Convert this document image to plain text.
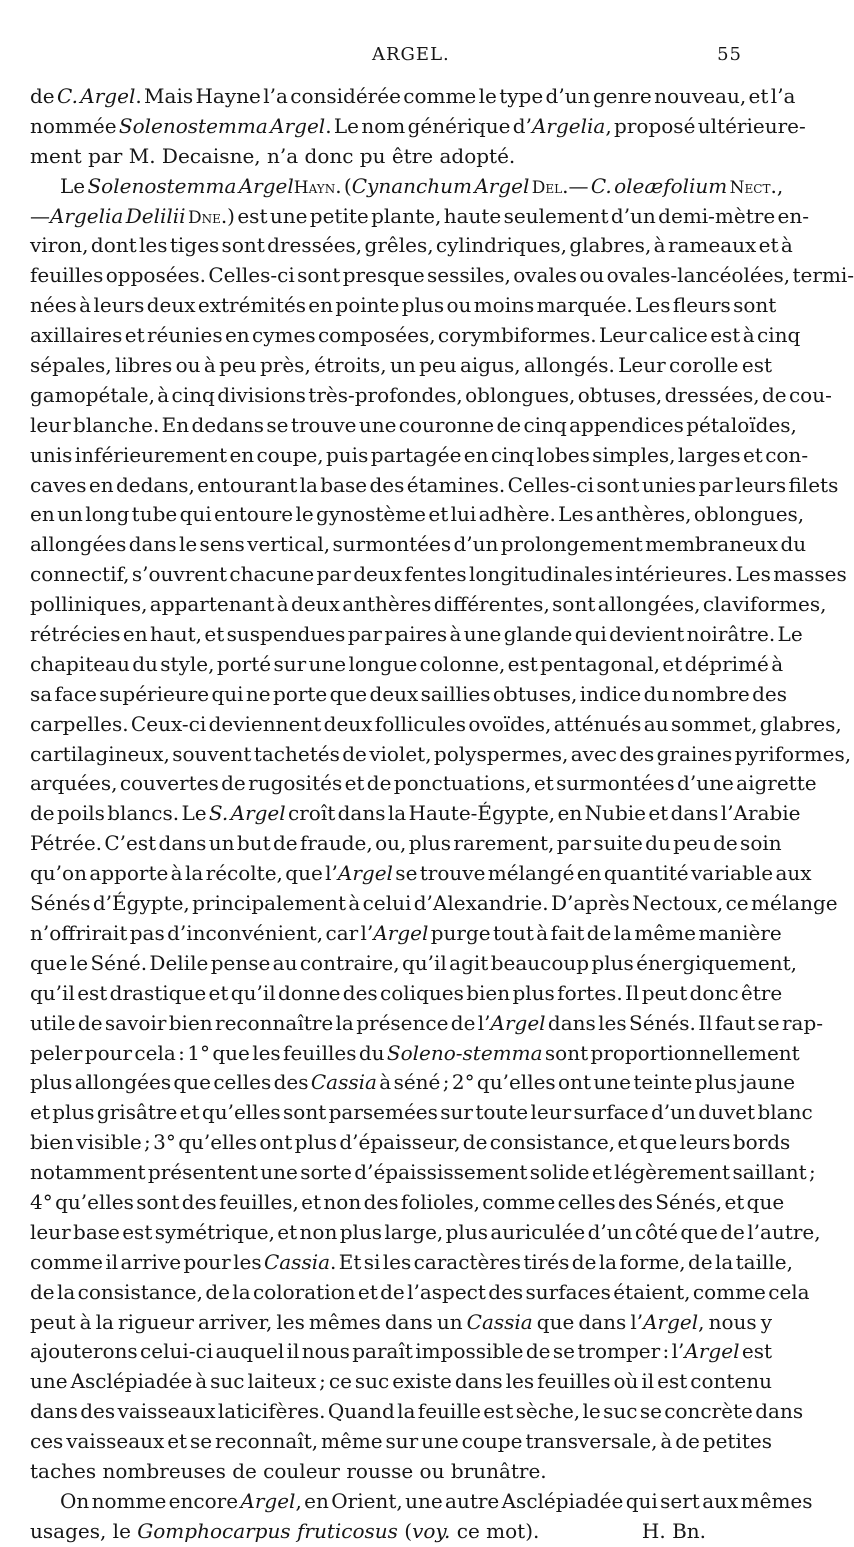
ARGEL.	55
de C. Argel. Mais Hayne l’a considérée comme le type d’un genre nouveau, et l’a
nommée Solenostemma Argel. Le nom générique d’Argelia, proposé ultérieure-
ment par M. Decaisne, n’a donc pu être adopté.
Le Solenostemma ArgelHayn. (Cynanchum Argel Del.— C. oleæfolium Nect.,
—Argelia Delilii Dne.) est une petite plante, haute seulement d’un demi-mètre en-
viron, dont les tiges sont dressées, grêles, cylindriques, glabres, à rameaux et à
feuilles opposées. Celles-ci sont presque sessiles, ovales ou ovales-lancéolées, termi-
nées à leurs deux extrémités en pointe plus ou moins marquée. Les fleurs sont
axillaires et réunies en cymes composées, corymbiformes. Leur calice est à cinq
sépales, libres ou à peu près, étroits, un peu aigus, allongés. Leur corolle est
gamopétale, à cinq divisions très-profondes, oblongues, obtuses, dressées, de cou-
leur blanche. En dedans se trouve une couronne de cinq appendices pétaloïdes,
unis inférieurement en coupe, puis partagée en cinq lobes simples, larges et con-
caves en dedans, entourant la base des étamines. Celles-ci sont unies par leurs filets
en un long tube qui entoure le gynostème et lui adhère. Les anthères, oblongues,
allongées dans le sens vertical, surmontées d’un prolongement membraneux du
connectif, s’ouvrent chacune par deux fentes longitudinales intérieures. Les masses
polliniques, appartenant à deux anthères différentes, sont allongées, claviformes,
rétrécies en haut, et suspendues par paires à une glande qui devient noirâtre. Le
chapiteau du style, porté sur une longue colonne, est pentagonal, et déprimé à
sa face supérieure qui ne porte que deux saillies obtuses, indice du nombre des
carpelles. Ceux-ci deviennent deux follicules ovoïdes, atténués au sommet, glabres,
cartilagineux, souvent tachetés de violet, polyspermes, avec des graines pyriformes,
arquées, couvertes de rugosités et de ponctuations, et surmontées d’une aigrette
de poils blancs. Le S. Argel croît dans la Haute-Égypte, en Nubie et dans l’Arabie
Pétrée. C’est dans un but de fraude, ou, plus rarement, par suite du peu de soin
qu’on apporte à la récolte, que l’Argel se trouve mélangé en quantité variable aux
Sénés d’Égypte, principalement à celui d’Alexandrie. D’après Nectoux, ce mélange
n’offrirait pas d’inconvénient, car l’Argel purge tout à fait de la même manière
que le Séné. Delile pense au contraire, qu’il agit beaucoup plus énergiquement,
qu’il est drastique et qu’il donne des coliques bien plus fortes. Il peut donc être
utile de savoir bien reconnaître la présence de l’Argel dans les Sénés. Il faut se rap-
peler pour cela : 1° que les feuilles du Soleno-stemma sont proportionnellement
plus allongées que celles des Cassia à séné ; 2° qu’elles ont une teinte plus jaune
et plus grisâtre et qu’elles sont parsemées sur toute leur surface d’un duvet blanc
bien visible ; 3° qu’elles ont plus d’épaisseur, de consistance, et que leurs bords
notamment présentent une sorte d’épaississement solide et légèrement saillant ;
4° qu’elles sont des feuilles, et non des folioles, comme celles des Sénés, et que
leur base est symétrique, et non plus large, plus auriculée d’un côté que de l’autre,
comme il arrive pour les Cassia. Et si les caractères tirés de la forme, de la taille,
de la consistance, de la coloration et de l’aspect des surfaces étaient, comme cela
peut à la rigueur arriver, les mêmes dans un Cassia que dans l’Argel, nous y
ajouterons celui-ci auquel il nous paraît impossible de se tromper : l’Argel est
une Asclépiadée à suc laiteux ; ce suc existe dans les feuilles où il est contenu
dans des vaisseaux laticifères. Quand la feuille est sèche, le suc se concrète dans
ces vaisseaux et se reconnaît, même sur une coupe transversale, à de petites
taches nombreuses de couleur rousse ou brunâtre.
On nomme encore Argel, en Orient, une autre Asclépiadée qui sert aux mêmes
usages, le Gomphocarpus fruticosus (voy. ce mot).	H. Bn.
